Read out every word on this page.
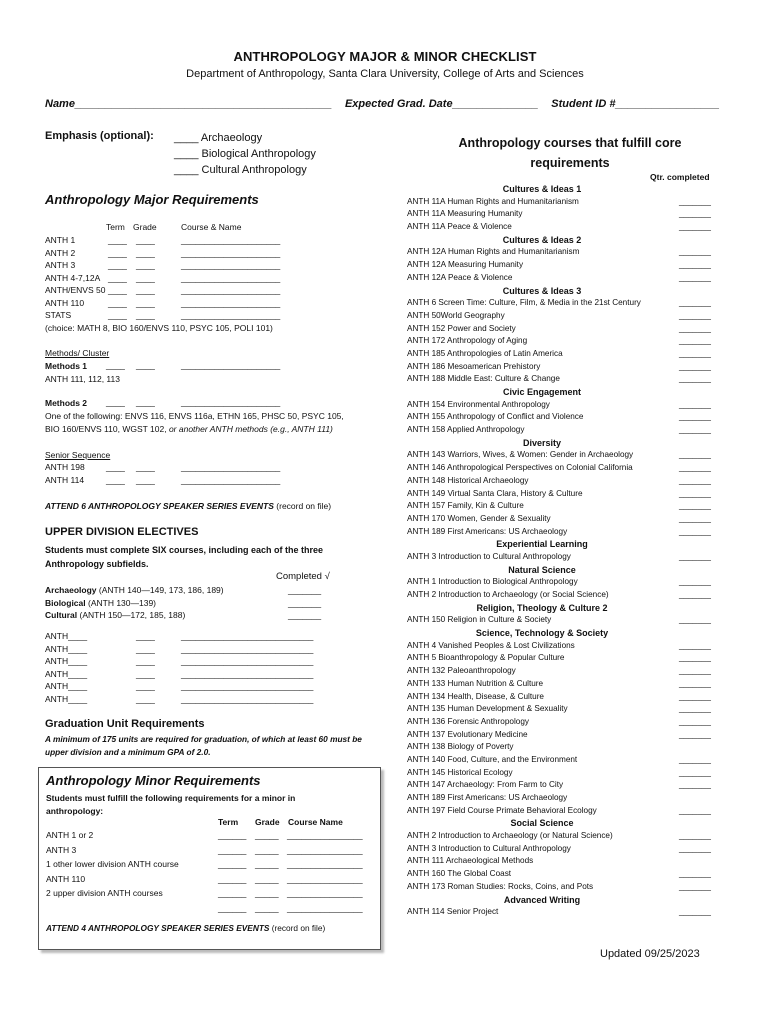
ANTHROPOLOGY MAJOR & MINOR CHECKLIST
Department of Anthropology, Santa Clara University, College of Arts and Sciences
Name__________________________________________ Expected Grad. Date______________ Student ID #_________________
Emphasis (optional): ____ Archaeology
____ Biological Anthropology
____ Cultural Anthropology
Anthropology Major Requirements
Term Grade	Course & Name
ANTH 1	____ ____	_____________________
ANTH 2	____ ____	_____________________
ANTH 3	____ ____	_____________________
ANTH 4-7,12A ____ ____	_____________________
ANTH/ENVS 50 ____ ____	_____________________
ANTH 110	____ ____	_____________________
STATS	____ ____	_____________________
(choice: MATH 8, BIO 160/ENVS 110, PSYC 105, POLI 101)
Methods/ Cluster
Methods 1 ____ ____	_____________________
ANTH 111, 112, 113
Methods 2 ____ ____	_____________________
One of the following: ENVS 116, ENVS 116a, ETHN 165, PHSC 50, PSYC 105,
BIO 160/ENVS 110, WGST 102, or another ANTH methods (e.g., ANTH 111)
Senior Sequence
ANTH 198	____ ____	_____________________
ANTH 114	____ ____	_____________________
ATTEND 6 ANTHROPOLOGY SPEAKER SERIES EVENTS (record on file)
UPPER DIVISION ELECTIVES
Students must complete SIX courses, including each of the three Anthropology subfields.
Completed √
Archaeology (ANTH 140—149, 173, 186, 189)	_______
Biological (ANTH 130—139)	_______
Cultural (ANTH 150—172, 185, 188)	_______
ANTH____	____	____________________________
ANTH____	____	____________________________
ANTH____	____	____________________________
ANTH____	____	____________________________
ANTH____	____	____________________________
ANTH____	____	____________________________
Graduation Unit Requirements
A minimum of 175 units are required for graduation, of which at least 60 must be upper division and a minimum GPA of 2.0.
Anthropology Minor Requirements
Students must fulfill the following requirements for a minor in anthropology:
Term Grade Course Name
ANTH 1 or 2	______ _____ ________________
ANTH 3	______ _____ ________________
1 other lower division ANTH course	______ _____ ________________
ANTH 110	______ _____ ________________
2 upper division ANTH courses	______ _____ ________________
______ _____ ________________
ATTEND 4 ANTHROPOLOGY SPEAKER SERIES EVENTS (record on file)
Anthropology courses that fulfill core requirements
Qtr. completed
Cultures & Ideas 1
ANTH 11A Human Rights and Humanitarianism	_______
ANTH 11A Measuring Humanity	_______
ANTH 11A Peace & Violence	_______
Cultures & Ideas 2
ANTH 12A Human Rights and Humanitarianism	_______
ANTH 12A Measuring Humanity	_______
ANTH 12A Peace & Violence	_______
Cultures & Ideas 3
ANTH 6 Screen Time: Culture, Film, & Media in the 21st Century	_______
ANTH 50World Geography	_______
ANTH 152 Power and Society	_______
ANTH 172 Anthropology of Aging	_______
ANTH 185 Anthropologies of Latin America	_______
ANTH 186 Mesoamerican Prehistory	_______
ANTH 188 Middle East: Culture & Change	_______
Civic Engagement
ANTH 154 Environmental Anthropology	_______
ANTH 155 Anthropology of Conflict and Violence	_______
ANTH 158 Applied Anthropology	_______
Diversity
ANTH 143 Warriors, Wives, & Women: Gender in Archaeology	_______
ANTH 146 Anthropological Perspectives on Colonial California	_______
ANTH 148 Historical Archaeology	_______
ANTH 149 Virtual Santa Clara, History & Culture	_______
ANTH 157 Family, Kin & Culture	_______
ANTH 170 Women, Gender & Sexuality	_______
ANTH 189 First Americans: US Archaeology	_______
Experiential Learning
ANTH 3 Introduction to Cultural Anthropology	_______
Natural Science
ANTH 1 Introduction to Biological Anthropology	_______
ANTH 2 Introduction to Archaeology (or Social Science)	_______
Religion, Theology & Culture 2
ANTH 150 Religion in Culture & Society	_______
Science, Technology & Society
ANTH 4 Vanished Peoples & Lost Civilizations	_______
ANTH 5 Bioanthropology & Popular Culture	_______
ANTH 132 Paleoanthropology	_______
ANTH 133 Human Nutrition & Culture	_______
ANTH 134 Health, Disease, & Culture	_______
ANTH 135 Human Development & Sexuality	_______
ANTH 136 Forensic Anthropology	_______
ANTH 137 Evolutionary Medicine	_______
ANTH 138 Biology of Poverty
ANTH 140 Food, Culture, and the Environment	_______
ANTH 145 Historical Ecology	_______
ANTH 147 Archaeology: From Farm to City	_______
ANTH 189 First Americans: US Archaeology
ANTH 197 Field Course Primate Behavioral Ecology	_______
Social Science
ANTH 2 Introduction to Archaeology (or Natural Science)	_______
ANTH 3 Introduction to Cultural Anthropology	_______
ANTH 111 Archaeological Methods
ANTH 160 The Global Coast	_______
ANTH 173 Roman Studies: Rocks, Coins, and Pots	_______
Advanced Writing
ANTH 114 Senior Project	_______
Updated 09/25/2023
